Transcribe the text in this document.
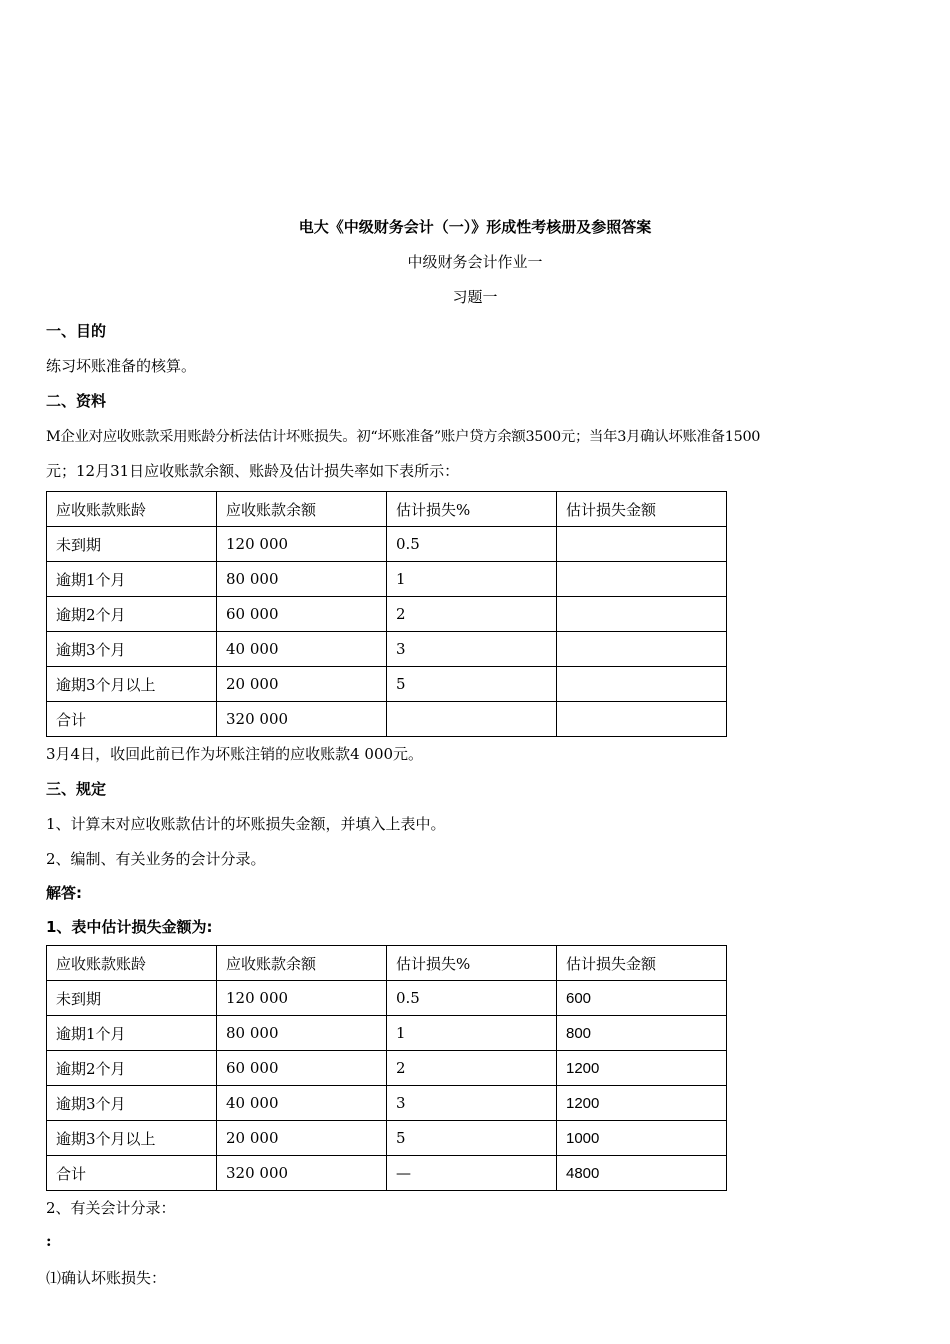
电大《中级财务会计（一）》形成性考核册及参照答案
中级财务会计作业一
习题一
一、目的
练习坏账准备的核算。
二、资料
M企业对应收账款采用账龄分析法估计坏账损失。初“坏账准备”账户贷方余额3500元；当年3月确认坏账准备1500
元；12月31日应收账款余额、账龄及估计损失率如下表所示：
应收账款账龄	应收账款余额	估计损失%	估计损失金额
未到期	120 000	0.5	
逾期1个月	80 000	1	
逾期2个月	60 000	2	
逾期3个月	40 000	3	
逾期3个月以上	20 000	5	
合计	320 000		
3月4日，收回此前已作为坏账注销的应收账款4 000元。
三、规定
1、计算末对应收账款估计的坏账损失金额，并填入上表中。
2、编制、有关业务的会计分录。
解答:
1、表中估计损失金额为:
应收账款账龄	应收账款余额	估计损失%	估计损失金额
未到期	120 000	0.5	600
逾期1个月	80 000	1	800
逾期2个月	60 000	2	1200
逾期3个月	40 000	3	1200
逾期3个月以上	20 000	5	1000
合计	320 000	—	4800
2、有关会计分录：
:
⑴确认坏账损失：
